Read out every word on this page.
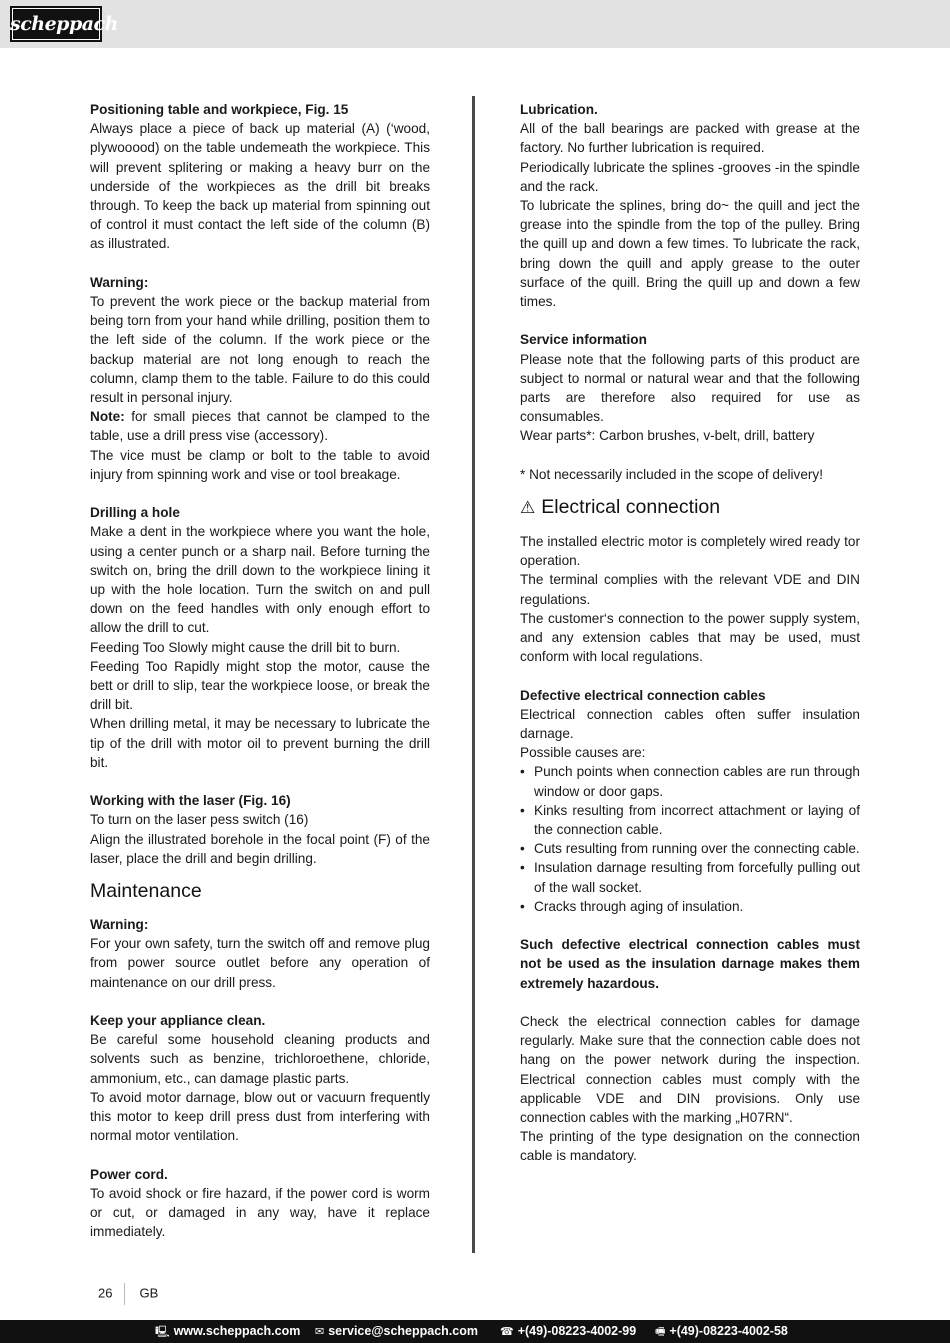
scheppach

Positioning table and workpiece, Fig. 15

Always place a piece of back up material (A) (‘wood, plywooood) on the table undemeath the workpiece. This will prevent splitering or making a heavy burr on the underside of the workpieces as the drill bit breaks through. To keep the back up material from spinning out of control it must contact the left side of the column (B) as illustrated.

Warning:

To prevent the work piece or the backup material from being torn from your hand while drilling, position them to the left side of the column. If the work piece or the backup material are not long enough to reach the column, clamp them to the table. Failure to do this could result in personal injury.

Note: for small pieces that cannot be clamped to the table, use a drill press vise (accessory).

The vice must be clamp or bolt to the table to avoid injury from spinning work and vise or tool breakage.

Drilling a hole

Make a dent in the workpiece where you want the hole, using a center punch or a sharp nail. Before turning the switch on, bring the drill down to the workpiece lining it up with the hole location. Turn the switch on and pull down on the feed handles with only enough effort to allow the drill to cut.

Feeding Too Slowly might cause the drill bit to burn.

Feeding Too Rapidly might stop the motor, cause the bett or drill to slip, tear the workpiece loose, or break the drill bit.

When drilling metal, it may be necessary to lubricate the tip of the drill with motor oil to prevent burning the drill bit.

Working with the laser (Fig. 16)

To turn on the laser pess switch (16)

Align the illustrated borehole in the focal point (F) of the laser, place the drill and begin drilling.

Maintenance

Warning:

For your own safety, turn the switch off and remove plug from power source outlet before any operation of maintenance on our drill press.

Keep your appliance clean.

Be careful some household cleaning products and solvents such as benzine, trichloroethene, chloride, ammonium, etc., can damage plastic parts.

To avoid motor darnage, blow out or vacuurn frequently this motor to keep drill press dust from interfering with normal motor ventilation.

Power cord.

To avoid shock or fire hazard, if the power cord is worm or cut, or damaged in any way, have it replace immediately.

Lubrication.

All of the ball bearings are packed with grease at the factory. No further lubrication is required.

Periodically lubricate the splines -grooves -in the spindle and the rack.

To lubricate the splines, bring do~ the quill and ject the grease into the spindle from the top of the pulley. Bring the quill up and down a few times. To lubricate the rack, bring down the quill and apply grease to the outer surface of the quill. Bring the quill up and down a few times.

Service information

Please note that the following parts of this product are subject to normal or natural wear and that the following parts are therefore also required for use as consumables.

Wear parts*: Carbon brushes, v-belt, drill, battery

* Not necessarily included in the scope of delivery!

⚠ Electrical connection

The installed electric motor is completely wired ready tor operation.

The terminal complies with the relevant VDE and DIN regulations.

The customer‘s connection to the power supply system, and any extension cables that may be used, must conform with local regulations.

Defective electrical connection cables

Electrical connection cables often suffer insulation darnage.

Possible causes are:

• Punch points when connection cables are run through window or door gaps.
• Kinks resulting from incorrect attachment or laying of the connection cable.
• Cuts resulting from running over the connecting cable.
• Insulation darnage resulting from forcefully pulling out of the wall socket.
• Cracks through aging of insulation.

Such defective electrical connection cables must not be used as the insulation darnage makes them extremely hazardous.

Check the electrical connection cables for damage regularly. Make sure that the connection cable does not hang on the power network during the inspection. Electrical connection cables must comply with the applicable VDE and DIN provisions. Only use connection cables with the marking „H07RN“.

The printing of the type designation on the connection cable is mandatory.

26 GB
🖳 www.scheppach.com ✉ service@scheppach.com ☎ +(49)-08223-4002-99 🖷 +(49)-08223-4002-58
